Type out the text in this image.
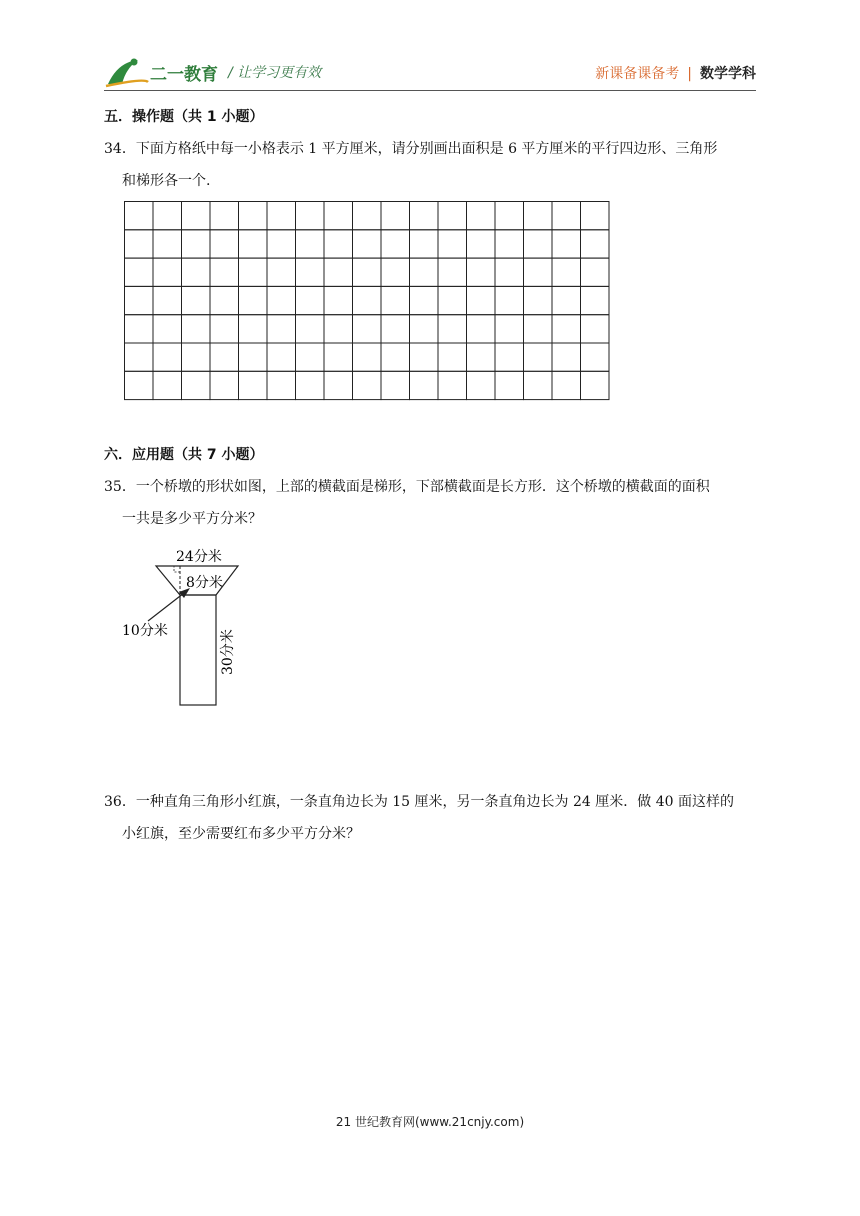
二一教育 / 让学习更有效	新课备课备考 | 数学学科
五．操作题（共 1 小题）
34．下面方格纸中每一小格表示 1 平方厘米，请分别画出面积是 6 平方厘米的平行四边形、三角形
和梯形各一个.
六．应用题（共 7 小题）
35．一个桥墩的形状如图，上部的横截面是梯形，下部横截面是长方形．这个桥墩的横截面的面积
一共是多少平方分米？
24分米
8分米
10分米	30分米
36．一种直角三角形小红旗，一条直角边长为 15 厘米，另一条直角边长为 24 厘米．做 40 面这样的
小红旗，至少需要红布多少平方分米？
21 世纪教育网(www.21cnjy.com)
